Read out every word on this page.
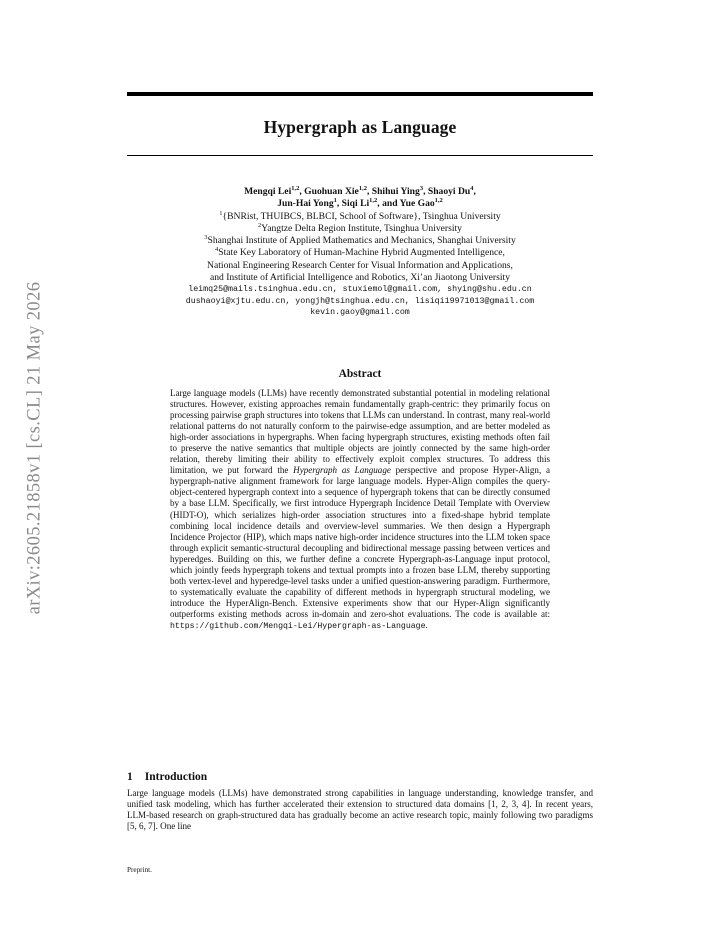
arXiv:2605.21858v1 [cs.CL] 21 May 2026
Hypergraph as Language
Mengqi Lei$^{1,2}$, Guohuan Xie$^{1,2}$, Shihui Ying$^3$, Shaoyi Du$^4$,
Jun-Hai Yong$^1$, Siqi Li$^{1,2}$, and Yue Gao$^{1,2}$
$^1${BNRist, THUIBCS, BLBCI, School of Software}, Tsinghua University
$^2$Yangtze Delta Region Institute, Tsinghua University
$^3$Shanghai Institute of Applied Mathematics and Mechanics, Shanghai University
$^4$State Key Laboratory of Human-Machine Hybrid Augmented Intelligence,
National Engineering Research Center for Visual Information and Applications,
and Institute of Artificial Intelligence and Robotics, Xi’an Jiaotong University
leimq25@mails.tsinghua.edu.cn, stuxiemol@gmail.com, shying@shu.edu.cn
dushaoyi@xjtu.edu.cn, yongjh@tsinghua.edu.cn, lisiqi19971013@gmail.com
kevin.gaoy@gmail.com
Abstract
Large language models (LLMs) have recently demonstrated substantial potential in modeling relational structures. However, existing approaches remain fundamentally graph-centric: they primarily focus on processing pairwise graph structures into tokens that LLMs can understand. In contrast, many real-world relational patterns do not naturally conform to the pairwise-edge assumption, and are better modeled as high-order associations in hypergraphs. When facing hypergraph structures, existing methods often fail to preserve the native semantics that multiple objects are jointly connected by the same high-order relation, thereby limiting their ability to effectively exploit complex structures. To address this limitation, we put forward the Hypergraph as Language perspective and propose Hyper-Align, a hypergraph-native alignment framework for large language models. Hyper-Align compiles the query-object-centered hypergraph context into a sequence of hypergraph tokens that can be directly consumed by a base LLM. Specifically, we first introduce Hypergraph Incidence Detail Template with Overview (HIDT-O), which serializes high-order association structures into a fixed-shape hybrid template combining local incidence details and overview-level summaries. We then design a Hypergraph Incidence Projector (HIP), which maps native high-order incidence structures into the LLM token space through explicit semantic-structural decoupling and bidirectional message passing between vertices and hyperedges. Building on this, we further define a concrete Hypergraph-as-Language input protocol, which jointly feeds hypergraph tokens and textual prompts into a frozen base LLM, thereby supporting both vertex-level and hyperedge-level tasks under a unified question-answering paradigm. Furthermore, to systematically evaluate the capability of different methods in hypergraph structural modeling, we introduce the HyperAlign-Bench. Extensive experiments show that our Hyper-Align significantly outperforms existing methods across in-domain and zero-shot evaluations. The code is available at: https://github.com/Mengqi-Lei/Hypergraph-as-Language.
1 Introduction
Large language models (LLMs) have demonstrated strong capabilities in language understanding, knowledge transfer, and unified task modeling, which has further accelerated their extension to structured data domains [1, 2, 3, 4]. In recent years, LLM-based research on graph-structured data has gradually become an active research topic, mainly following two paradigms [5, 6, 7]. One line
Preprint.
